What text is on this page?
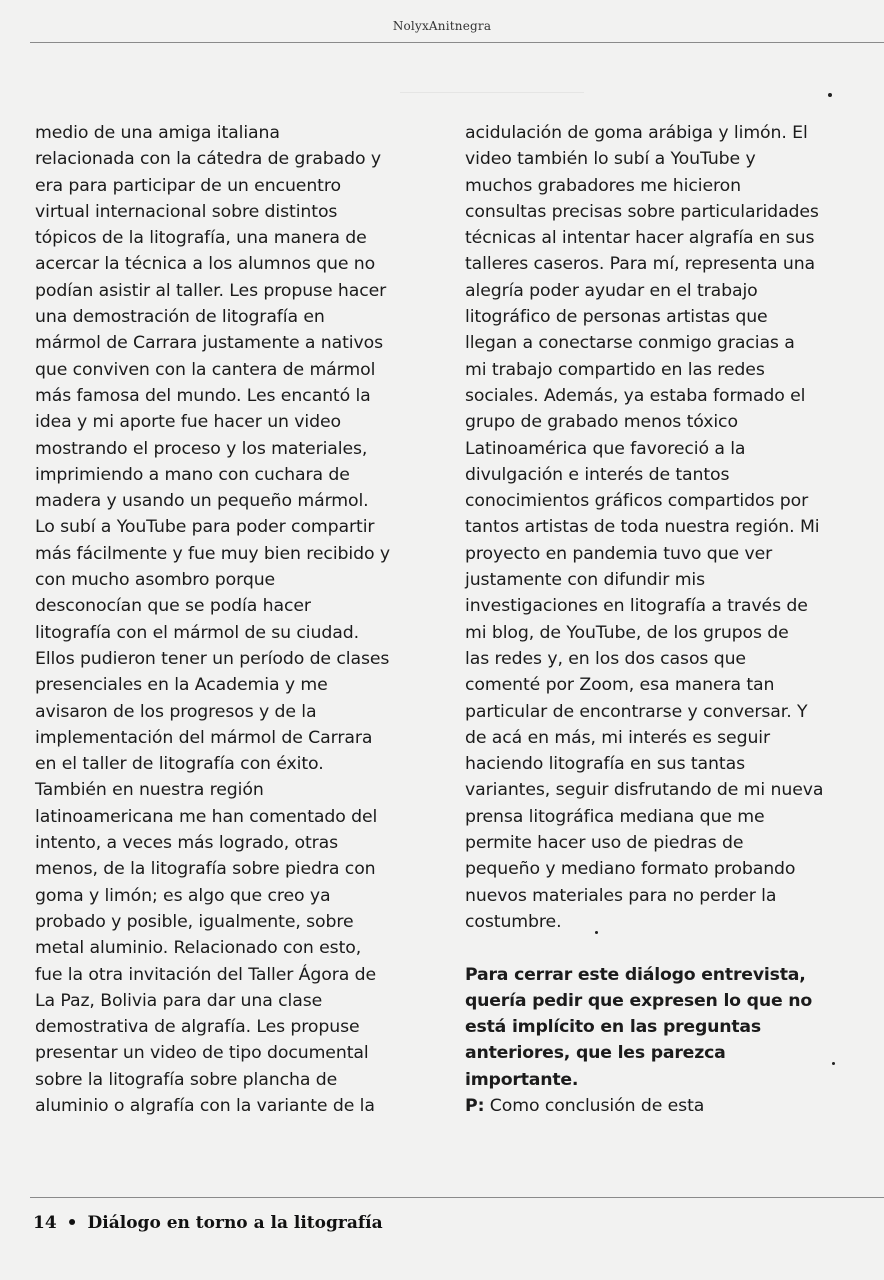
NolyxAnitnegra
medio de una amiga italiana
relacionada con la cátedra de grabado y
era para participar de un encuentro
virtual internacional sobre distintos
tópicos de la litografía, una manera de
acercar la técnica a los alumnos que no
podían asistir al taller. Les propuse hacer
una demostración de litografía en
mármol de Carrara justamente a nativos
que conviven con la cantera de mármol
más famosa del mundo. Les encantó la
idea y mi aporte fue hacer un video
mostrando el proceso y los materiales,
imprimiendo a mano con cuchara de
madera y usando un pequeño mármol.
Lo subí a YouTube para poder compartir
más fácilmente y fue muy bien recibido y
con mucho asombro porque
desconocían que se podía hacer
litografía con el mármol de su ciudad.
Ellos pudieron tener un período de clases
presenciales en la Academia y me
avisaron de los progresos y de la
implementación del mármol de Carrara
en el taller de litografía con éxito.
También en nuestra región
latinoamericana me han comentado del
intento, a veces más logrado, otras
menos, de la litografía sobre piedra con
goma y limón; es algo que creo ya
probado y posible, igualmente, sobre
metal aluminio. Relacionado con esto,
fue la otra invitación del Taller Ágora de
La Paz, Bolivia para dar una clase
demostrativa de algrafía. Les propuse
presentar un video de tipo documental
sobre la litografía sobre plancha de
aluminio o algrafía con la variante de la
acidulación de goma arábiga y limón. El
video también lo subí a YouTube y
muchos grabadores me hicieron
consultas precisas sobre particularidades
técnicas al intentar hacer algrafía en sus
talleres caseros. Para mí, representa una
alegría poder ayudar en el trabajo
litográfico de personas artistas que
llegan a conectarse conmigo gracias a
mi trabajo compartido en las redes
sociales. Además, ya estaba formado el
grupo de grabado menos tóxico
Latinoamérica que favoreció a la
divulgación e interés de tantos
conocimientos gráficos compartidos por
tantos artistas de toda nuestra región. Mi
proyecto en pandemia tuvo que ver
justamente con difundir mis
investigaciones en litografía a través de
mi blog, de YouTube, de los grupos de
las redes y, en los dos casos que
comenté por Zoom, esa manera tan
particular de encontrarse y conversar. Y
de acá en más, mi interés es seguir
haciendo litografía en sus tantas
variantes, seguir disfrutando de mi nueva
prensa litográfica mediana que me
permite hacer uso de piedras de
pequeño y mediano formato probando
nuevos materiales para no perder la
costumbre.
Para cerrar este diálogo entrevista,
quería pedir que expresen lo que no
está implícito en las preguntas
anteriores, que les parezca
importante.
P: Como conclusión de esta
14 • Diálogo en torno a la litografía
